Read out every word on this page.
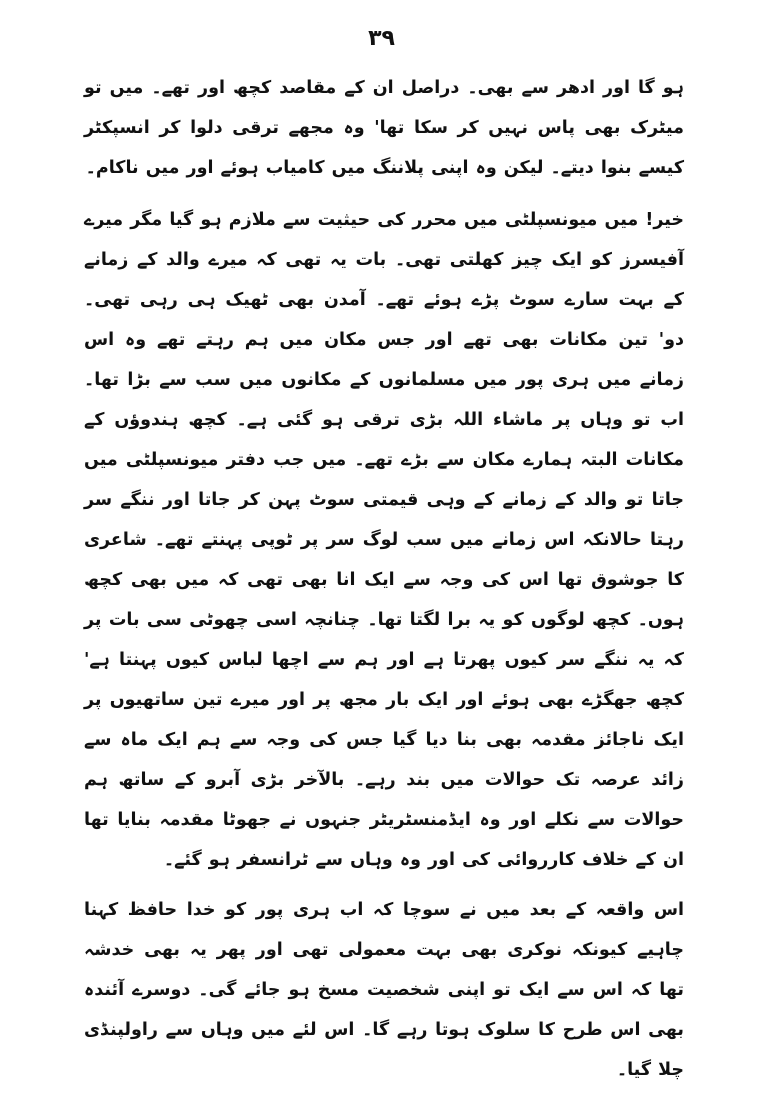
۳۹

ہو گا اور ادھر سے بھی۔ دراصل ان کے مقاصد کچھ اور تھے۔ میں تو میٹرک بھی پاس نہیں کر سکا تھا' وہ مجھے ترقی دلوا کر انسپکٹر کیسے بنوا دیتے۔ لیکن وہ اپنی پلاننگ میں کامیاب ہوئے اور میں ناکام۔

خیر! میں میونسپلٹی میں محرر کی حیثیت سے ملازم ہو گیا مگر میرے آفیسرز کو ایک چیز کھلتی تھی۔ بات یہ تھی کہ میرے والد کے زمانے کے بہت سارے سوٹ پڑے ہوئے تھے۔ آمدن بھی ٹھیک ہی رہی تھی۔ دو' تین مکانات بھی تھے اور جس مکان میں ہم رہتے تھے وہ اس زمانے میں ہری پور میں مسلمانوں کے مکانوں میں سب سے بڑا تھا۔ اب تو وہاں پر ماشاء اللہ بڑی ترقی ہو گئی ہے۔ کچھ ہندوؤں کے مکانات البتہ ہمارے مکان سے بڑے تھے۔ میں جب دفتر میونسپلٹی میں جاتا تو والد کے زمانے کے وہی قیمتی سوٹ پہن کر جاتا اور ننگے سر رہتا حالانکہ اس زمانے میں سب لوگ سر پر ٹوپی پہنتے تھے۔ شاعری کا جوشوق تھا اس کی وجہ سے ایک انا بھی تھی کہ میں بھی کچھ ہوں۔ کچھ لوگوں کو یہ برا لگتا تھا۔ چنانچہ اسی چھوٹی سی بات پر کہ یہ ننگے سر کیوں پھرتا ہے اور ہم سے اچھا لباس کیوں پہنتا ہے' کچھ جھگڑے بھی ہوئے اور ایک بار مجھ پر اور میرے تین ساتھیوں پر ایک ناجائز مقدمہ بھی بنا دیا گیا جس کی وجہ سے ہم ایک ماہ سے زائد عرصہ تک حوالات میں بند رہے۔ بالآخر بڑی آبرو کے ساتھ ہم حوالات سے نکلے اور وہ ایڈمنسٹریٹر جنہوں نے جھوٹا مقدمہ بنایا تھا ان کے خلاف کارروائی کی اور وہ وہاں سے ٹرانسفر ہو گئے۔

اس واقعہ کے بعد میں نے سوچا کہ اب ہری پور کو خدا حافظ کہنا چاہیے کیونکہ نوکری بھی بہت معمولی تھی اور پھر یہ بھی خدشہ تھا کہ اس سے ایک تو اپنی شخصیت مسخ ہو جائے گی۔ دوسرے آئندہ بھی اس طرح کا سلوک ہوتا رہے گا۔ اس لئے میں وہاں سے راولپنڈی چلا گیا۔
